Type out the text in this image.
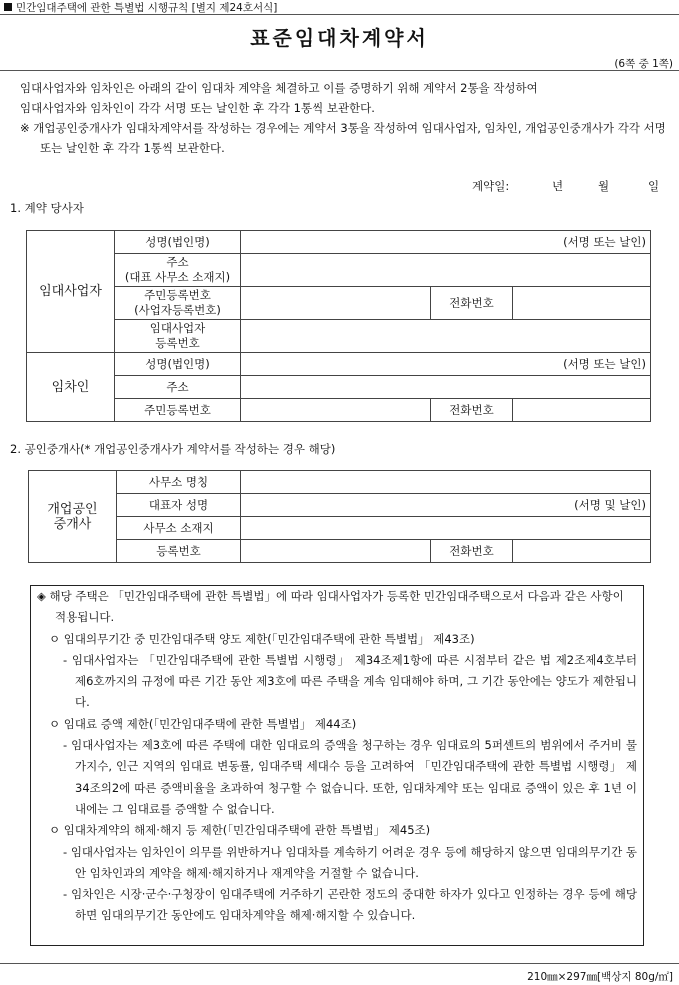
민간임대주택에 관한 특별법 시행규칙 [별지 제24호서식]
표준임대차계약서
(6쪽 중 1쪽)

임대사업자와 임차인은 아래의 같이 임대차 계약을 체결하고 이를 증명하기 위해 계약서 2통을 작성하여

임대사업자와 임차인이 각각 서명 또는 날인한 후 각각 1통씩 보관한다.

※ 개업공인중개사가 임대차계약서를 작성하는 경우에는 계약서 3통을 작성하여 임대사업자, 임차인, 개업공인중개사가 각각 서명 또는 날인한 후 각각 1통씩 보관한다.

계약일:	년	월	일
1. 계약 당사자
임대사업자	성명(법인명)	(서명 또는 날인)		
	주소
(대표 사무소 소재지)			
	주민등록번호
(사업자등록번호)		전화번호	
	임대사업자
등록번호			

임차인	성명(법인명)	(서명 또는 날인)		
	주소			
	주민등록번호		전화번호	
2. 공인중개사(* 개업공인중개사가 계약서를 작성하는 경우 해당)
개업공인
중개사	사무소 명칭			
	대표자 성명	(서명 및 날인)		
	사무소 소재지			
	등록번호		전화번호	

◈ 해당 주택은 「민간임대주택에 관한 특별법」에 따라 임대사업자가 등록한 민간임대주택으로서 다음과 같은 사항이 적용됩니다.

ㅇ 임대의무기간 중 민간임대주택 양도 제한(「민간임대주택에 관한 특별법」 제43조)

- 임대사업자는 「민간임대주택에 관한 특별법 시행령」 제34조제1항에 따른 시점부터 같은 법 제2조제4호부터 제6호까지의 규정에 따른 기간 동안 제3호에 따른 주택을 계속 임대해야 하며, 그 기간 동안에는 양도가 제한됩니다.

ㅇ 임대료 증액 제한(「민간임대주택에 관한 특별법」 제44조)

- 임대사업자는 제3호에 따른 주택에 대한 임대료의 증액을 청구하는 경우 임대료의 5퍼센트의 범위에서 주거비 물가지수, 인근 지역의 임대료 변동률, 임대주택 세대수 등을 고려하여 「민간임대주택에 관한 특별법 시행령」 제34조의2에 따른 증액비율을 초과하여 청구할 수 없습니다. 또한, 임대차계약 또는 임대료 증액이 있은 후 1년 이내에는 그 임대료를 증액할 수 없습니다.

ㅇ 임대차계약의 해제·해지 등 제한(「민간임대주택에 관한 특별법」 제45조)

- 임대사업자는 임차인이 의무를 위반하거나 임대차를 계속하기 어려운 경우 등에 해당하지 않으면 임대의무기간 동안 임차인과의 계약을 해제·해지하거나 재계약을 거절할 수 없습니다.

- 임차인은 시장·군수·구청장이 임대주택에 거주하기 곤란한 정도의 중대한 하자가 있다고 인정하는 경우 등에 해당하면 임대의무기간 동안에도 임대차계약을 해제·해지할 수 있습니다.

210㎜×297㎜[백상지 80g/㎡]
